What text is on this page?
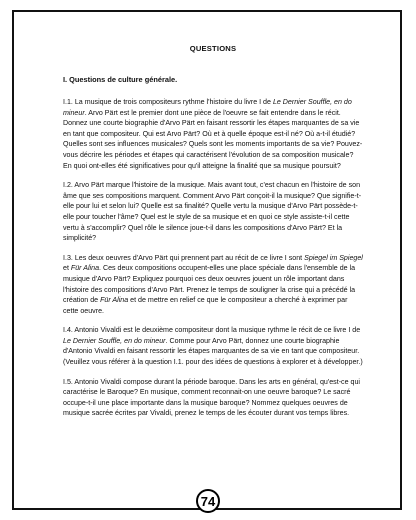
QUESTIONS
I. Questions de culture générale.

I.1. La musique de trois compositeurs rythme l'histoire du livre I de Le Dernier Souffle, en do mineur. Arvo Pärt est le premier dont une pièce de l'oeuvre se fait entendre dans le récit. Donnez une courte biographie d'Arvo Pärt en faisant ressortir les étapes marquantes de sa vie en tant que compositeur. Qui est Arvo Pärt? Où et à quelle époque est-il né? Où a-t-il étudié? Quelles sont ses influences musicales? Quels sont les moments importants de sa vie? Pouvez-vous décrire les périodes et étapes qui caractérisent l'évolution de sa composition musicale? En quoi ont-elles été significatives pour qu'il atteigne la finalité que sa musique poursuit?

I.2. Arvo Pärt marque l'histoire de la musique. Mais avant tout, c'est chacun en l'histoire de son âme que ses compositions marquent. Comment Arvo Pärt conçoit-il la musique? Que signifie-t-elle pour lui et selon lui? Quelle est sa finalité? Quelle vertu la musique d'Arvo Pärt possède-t-elle pour toucher l'âme? Quel est le style de sa musique et en quoi ce style assiste-t-il cette vertu à s'accomplir? Quel rôle le silence joue-t-il dans les compositions d'Arvo Pärt? Et la simplicité?

I.3. Les deux oeuvres d'Arvo Pärt qui prennent part au récit de ce livre I sont Spiegel im Spiegel et Für Alina. Ces deux compositions occupent-elles une place spéciale dans l'ensemble de la musique d'Arvo Pärt? Expliquez pourquoi ces deux oeuvres jouent un rôle important dans l'histoire des compositions d'Arvo Pärt. Prenez le temps de souligner la crise qui a précédé la création de Für Alina et de mettre en relief ce que le compositeur a cherché à exprimer par cette oeuvre.

I.4. Antonio Vivaldi est le deuxième compositeur dont la musique rythme le récit de ce livre I de Le Dernier Souffle, en do mineur. Comme pour Arvo Pärt, donnez une courte biographie d'Antonio Vivaldi en faisant ressortir les étapes marquantes de sa vie en tant que compositeur. (Veuillez vous référer à la question I.1. pour des idées de questions à explorer et à développer.)

I.5. Antonio Vivaldi compose durant la période baroque. Dans les arts en général, qu'est-ce qui caractérise le Baroque? En musique, comment reconnait-on une oeuvre baroque? Le sacré occupe-t-il une place importante dans la musique baroque? Nommez quelques oeuvres de musique sacrée écrites par Vivaldi, prenez le temps de les écouter durant vos temps libres.

74
